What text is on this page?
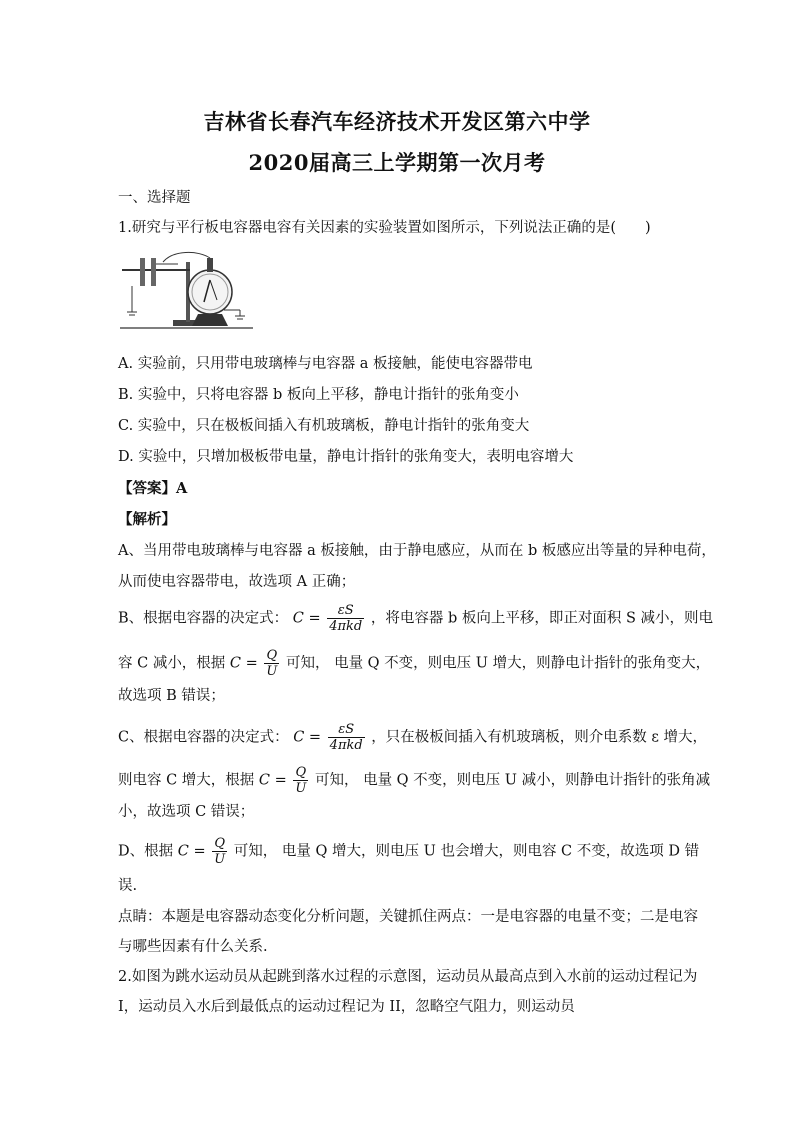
吉林省长春汽车经济技术开发区第六中学
2020届高三上学期第一次月考
一、选择题
1.研究与平行板电容器电容有关因素的实验装置如图所示，下列说法正确的是(　　)
A. 实验前，只用带电玻璃棒与电容器 a 板接触，能使电容器带电
B. 实验中，只将电容器 b 板向上平移，静电计指针的张角变小
C. 实验中，只在极板间插入有机玻璃板，静电计指针的张角变大
D. 实验中，只增加极板带电量，静电计指针的张角变大，表明电容增大
【答案】A
【解析】
A、当用带电玻璃棒与电容器 a 板接触，由于静电感应，从而在 b 板感应出等量的异种电荷，
从而使电容器带电，故选项 A 正确；
B、根据电容器的决定式： $C = \frac{\varepsilon S}{\text{4πkd}}$ ，将电容器 b 板向上平移，即正对面积 S 减小，则电
容 C 减小，根据 $C = \frac{Q}{U}$ 可知， 电量 Q 不变，则电压 U 增大，则静电计指针的张角变大，
故选项 B 错误；
C、根据电容器的决定式： $C = \frac{\varepsilon S}{\text{4πkd}}$ ，只在极板间插入有机玻璃板，则介电系数 ε 增大，
则电容 C 增大，根据 $C = \frac{Q}{U}$ 可知， 电量 Q 不变，则电压 U 减小，则静电计指针的张角减
小，故选项 C 错误；
D、根据 $C = \frac{Q}{U}$ 可知， 电量 Q 增大，则电压 U 也会增大，则电容 C 不变，故选项 D 错
误.
点睛：本题是电容器动态变化分析问题，关键抓住两点：一是电容器的电量不变；二是电容
与哪些因素有什么关系.
2.如图为跳水运动员从起跳到落水过程的示意图，运动员从最高点到入水前的运动过程记为
I，运动员入水后到最低点的运动过程记为 II，忽略空气阻力，则运动员
